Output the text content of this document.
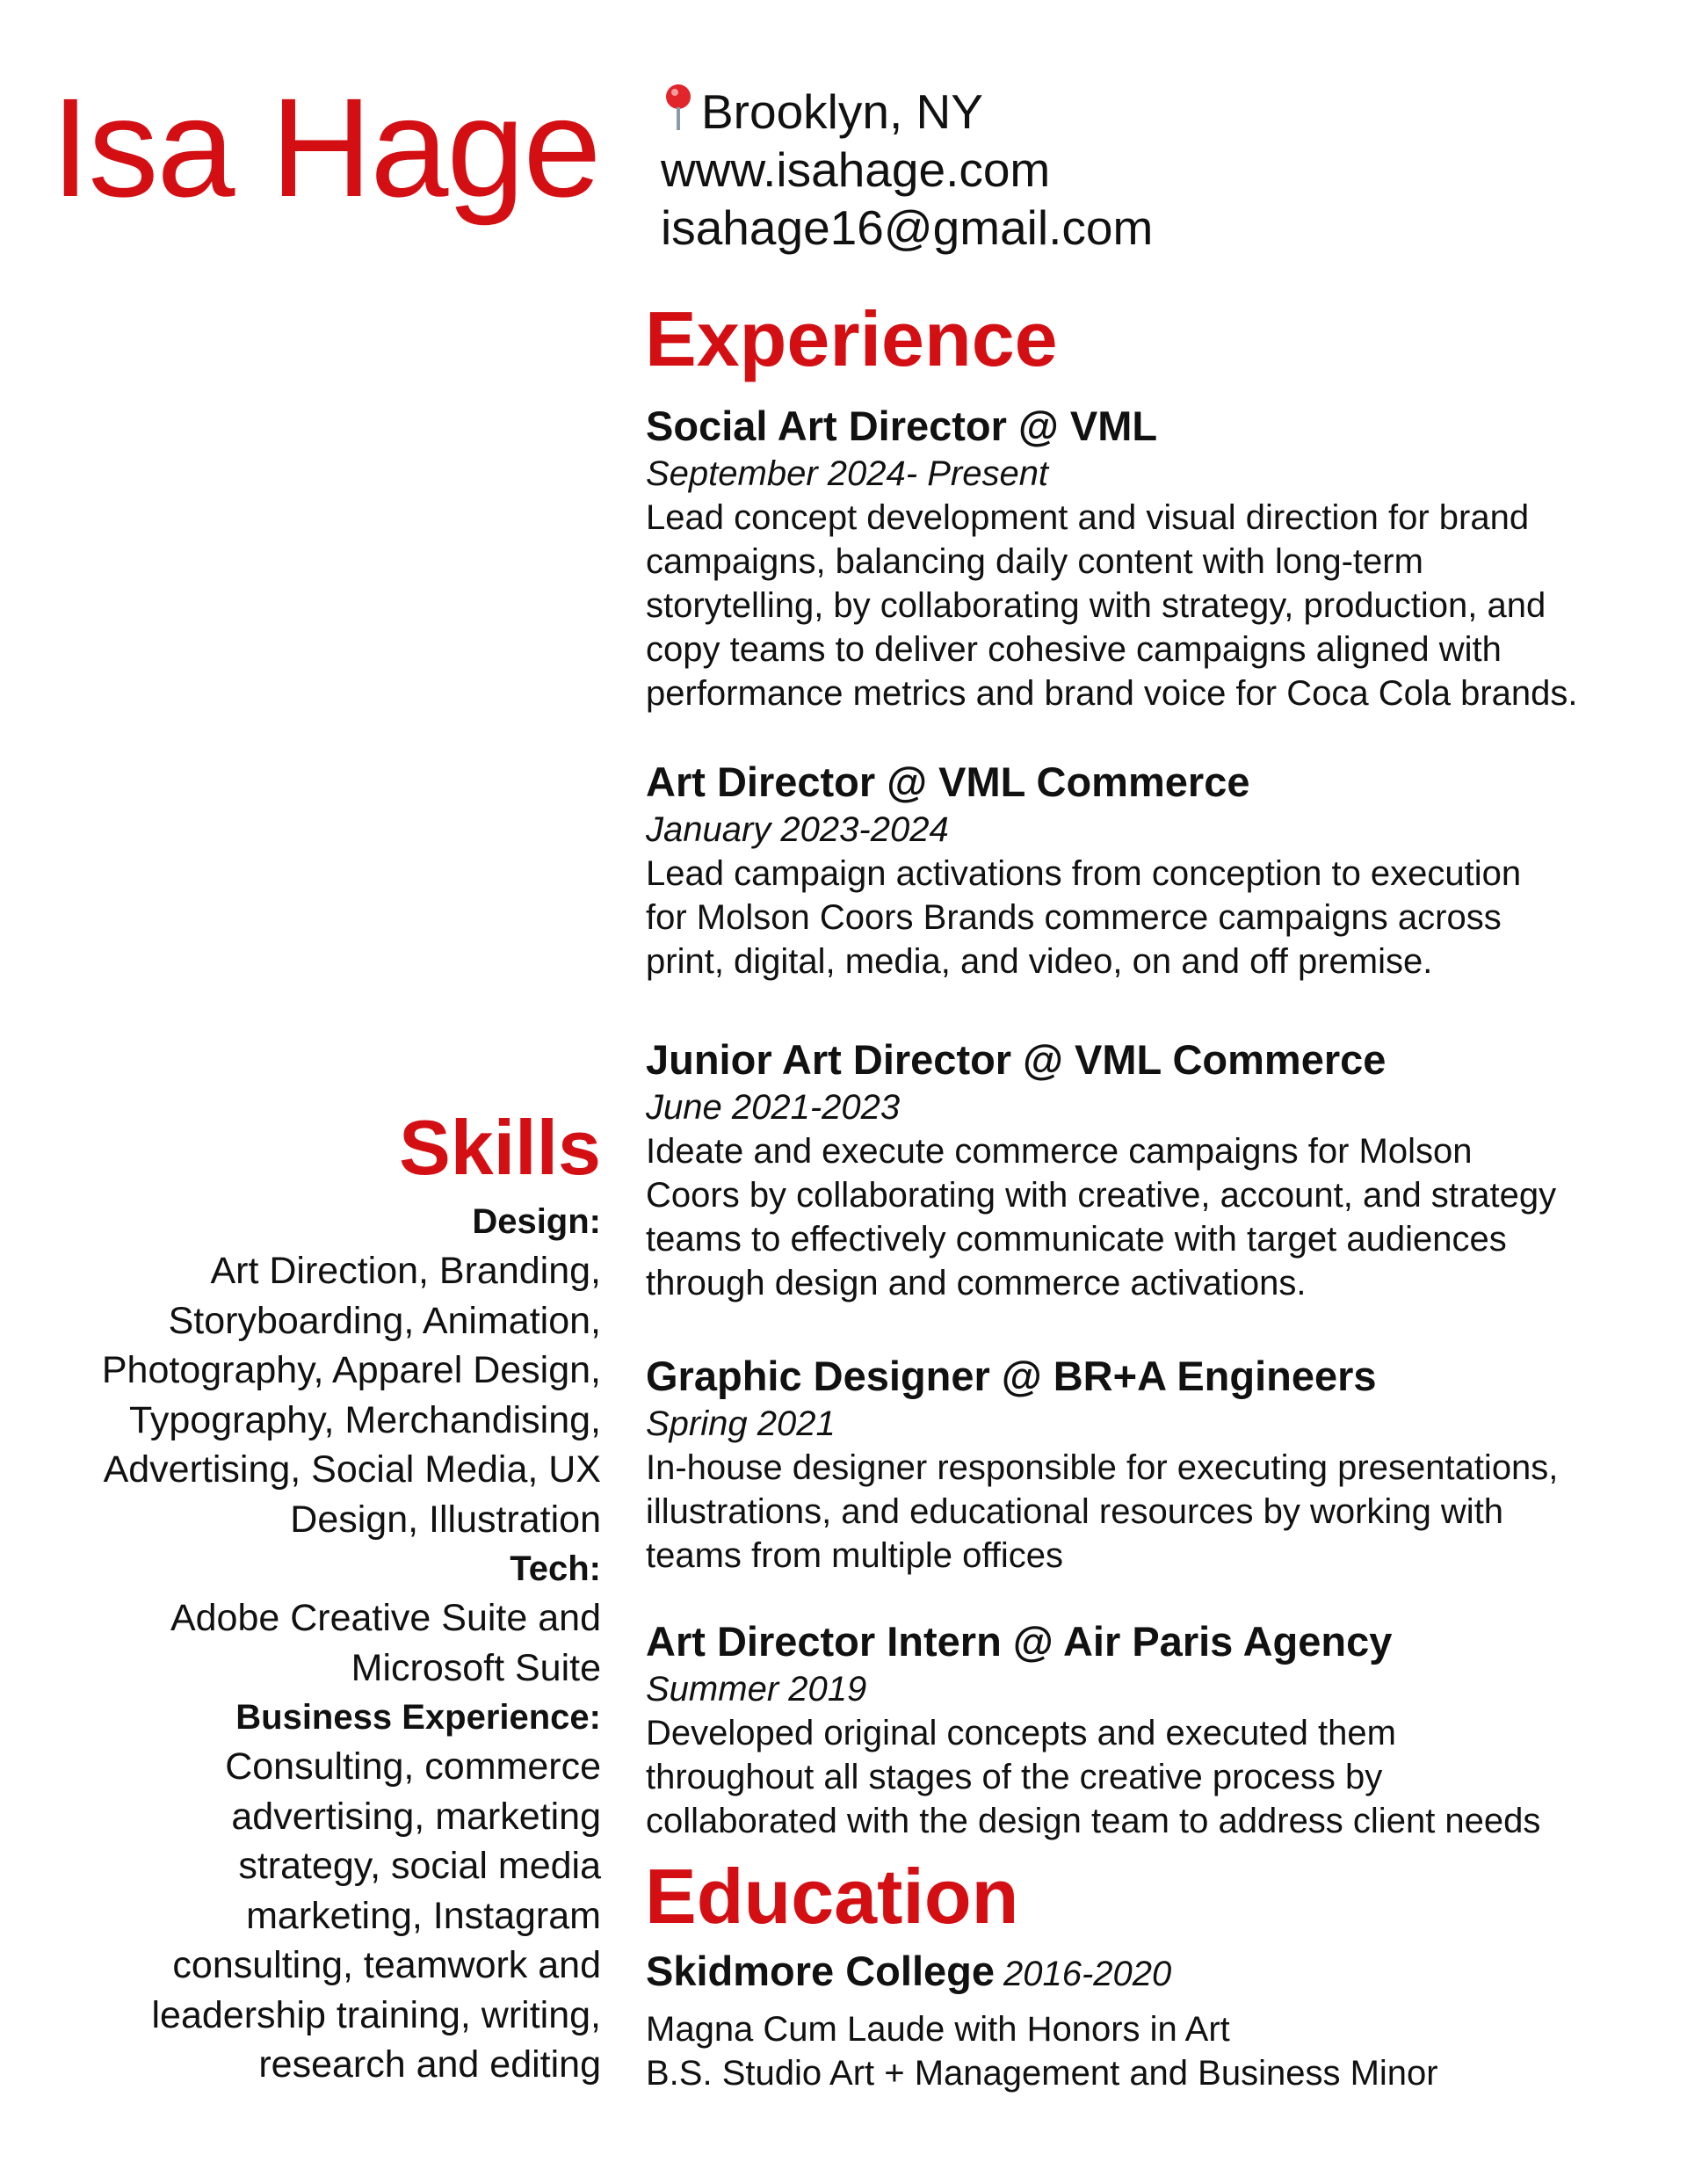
Isa Hage	Brooklyn, NY
www.isahage.com
isahage16@gmail.com
Experience
Social Art Director @ VML
September 2024- Present
Lead concept development and visual direction for brand
campaigns, balancing daily content with long-term
storytelling, by collaborating with strategy, production, and
copy teams to deliver cohesive campaigns aligned with
performance metrics and brand voice for Coca Cola brands.
Art Director @ VML Commerce
January 2023-2024
Lead campaign activations from conception to execution
for Molson Coors Brands commerce campaigns across
print, digital, media, and video, on and off premise.
Junior Art Director @ VML Commerce
June 2021-2023
Ideate and execute commerce campaigns for Molson
Coors by collaborating with creative, account, and strategy
teams to effectively communicate with target audiences
through design and commerce activations.
Graphic Designer @ BR+A Engineers
Spring 2021
In-house designer responsible for executing presentations,
illustrations, and educational resources by working with
teams from multiple offices
Art Director Intern @ Air Paris Agency
Summer 2019
Developed original concepts and executed them
throughout all stages of the creative process by
collaborated with the design team to address client needs
Skills
Design:
Art Direction, Branding,
Storyboarding, Animation,
Photography, Apparel Design,
Typography, Merchandising,
Advertising, Social Media, UX
Design, Illustration
Tech:
Adobe Creative Suite and
Microsoft Suite
Business Experience:
Consulting, commerce
advertising, marketing
strategy, social media
marketing, Instagram
consulting, teamwork and
leadership training, writing,
research and editing
Education
Skidmore College 2016-2020
Magna Cum Laude with Honors in Art
B.S. Studio Art + Management and Business Minor
